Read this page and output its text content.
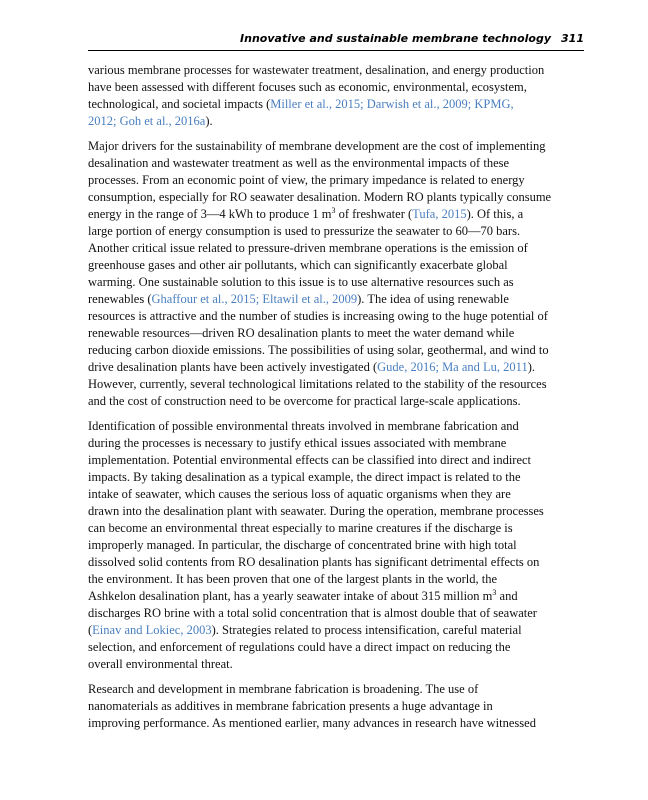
Innovative and sustainable membrane technology 311

various membrane processes for wastewater treatment, desalination, and energy production
have been assessed with different focuses such as economic, environmental, ecosystem,
technological, and societal impacts (Miller et al., 2015; Darwish et al., 2009; KPMG,
2012; Goh et al., 2016a).

Major drivers for the sustainability of membrane development are the cost of implementing
desalination and wastewater treatment as well as the environmental impacts of these
processes. From an economic point of view, the primary impedance is related to energy
consumption, especially for RO seawater desalination. Modern RO plants typically consume
energy in the range of 3—4 kWh to produce 1 $m^3$ of freshwater (Tufa, 2015). Of this, a
large portion of energy consumption is used to pressurize the seawater to 60—70 bars.
Another critical issue related to pressure-driven membrane operations is the emission of
greenhouse gases and other air pollutants, which can significantly exacerbate global
warming. One sustainable solution to this issue is to use alternative resources such as
renewables (Ghaffour et al., 2015; Eltawil et al., 2009). The idea of using renewable
resources is attractive and the number of studies is increasing owing to the huge potential of
renewable resources—driven RO desalination plants to meet the water demand while
reducing carbon dioxide emissions. The possibilities of using solar, geothermal, and wind to
drive desalination plants have been actively investigated (Gude, 2016; Ma and Lu, 2011).
However, currently, several technological limitations related to the stability of the resources
and the cost of construction need to be overcome for practical large-scale applications.

Identification of possible environmental threats involved in membrane fabrication and
during the processes is necessary to justify ethical issues associated with membrane
implementation. Potential environmental effects can be classified into direct and indirect
impacts. By taking desalination as a typical example, the direct impact is related to the
intake of seawater, which causes the serious loss of aquatic organisms when they are
drawn into the desalination plant with seawater. During the operation, membrane processes
can become an environmental threat especially to marine creatures if the discharge is
improperly managed. In particular, the discharge of concentrated brine with high total
dissolved solid contents from RO desalination plants has significant detrimental effects on
the environment. It has been proven that one of the largest plants in the world, the
Ashkelon desalination plant, has a yearly seawater intake of about 315 million $m^3$ and
discharges RO brine with a total solid concentration that is almost double that of seawater
(Einav and Lokiec, 2003). Strategies related to process intensification, careful material
selection, and enforcement of regulations could have a direct impact on reducing the
overall environmental threat.

Research and development in membrane fabrication is broadening. The use of
nanomaterials as additives in membrane fabrication presents a huge advantage in
improving performance. As mentioned earlier, many advances in research have witnessed
